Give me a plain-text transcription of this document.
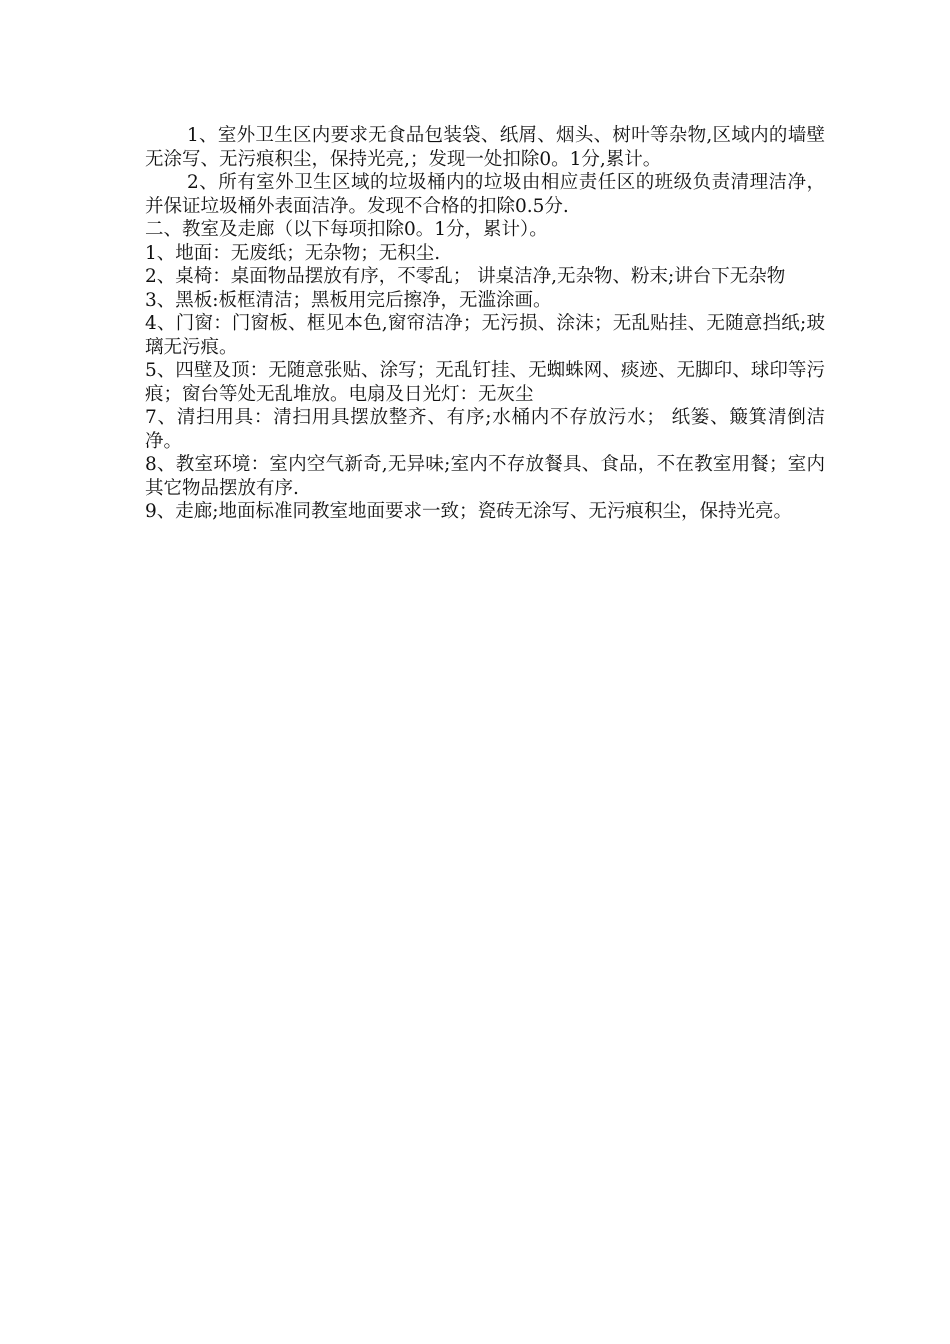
1、室外卫生区内要求无食品包装袋、纸屑、烟头、树叶等杂物,区域内的墙壁无涂写、无污痕积尘，保持光亮,；发现一处扣除0。1分,累计。

2、所有室外卫生区域的垃圾桶内的垃圾由相应责任区的班级负责清理洁净，并保证垃圾桶外表面洁净。发现不合格的扣除0.5分.

二、教室及走廊（以下每项扣除0。1分，累计）。

1、地面：无废纸；无杂物；无积尘.

2、桌椅：桌面物品摆放有序，不零乱； 讲桌洁净,无杂物、粉末;讲台下无杂物

3、黑板:板框清洁；黑板用完后擦净，无滥涂画。

4、门窗：门窗板、框见本色,窗帘洁净；无污损、涂沫；无乱贴挂、无随意挡纸;玻璃无污痕。

5、四壁及顶：无随意张贴、涂写；无乱钉挂、无蜘蛛网、痰迹、无脚印、球印等污痕；窗台等处无乱堆放。电扇及日光灯：无灰尘

7、清扫用具：清扫用具摆放整齐、有序;水桶内不存放污水； 纸篓、簸箕清倒洁净。

8、教室环境：室内空气新奇,无异味;室内不存放餐具、食品，不在教室用餐；室内其它物品摆放有序.

9、走廊;地面标准同教室地面要求一致；瓷砖无涂写、无污痕积尘，保持光亮。
